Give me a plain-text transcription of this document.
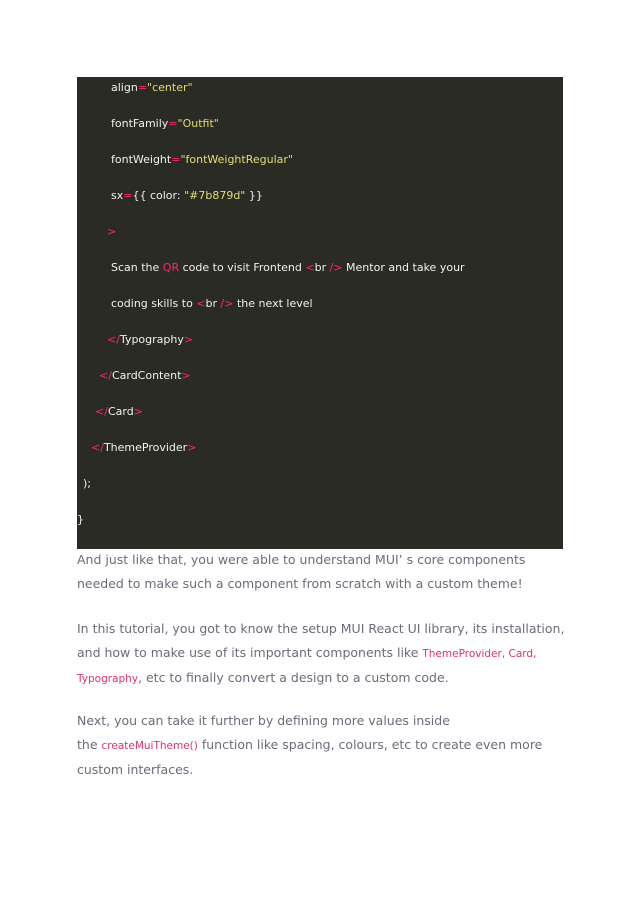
align="center"
fontFamily="Outfit"
fontWeight="fontWeightRegular"
sx={{ color: "#7b879d" }}
>
Scan the QR code to visit Frontend <br /> Mentor and take your
coding skills to <br /> the next level
</Typography>
</CardContent>
</Card>
</ThemeProvider>
);
}
And just like that, you were able to understand MUI’ s core components
needed to make such a component from scratch with a custom theme!
In this tutorial, you got to know the setup MUI React UI library, its installation,
and how to make use of its important components like ThemeProvider, Card,
Typography, etc to finally convert a design to a custom code.
Next, you can take it further by defining more values inside
the createMuiTheme() function like spacing, colours, etc to create even more
custom interfaces.
